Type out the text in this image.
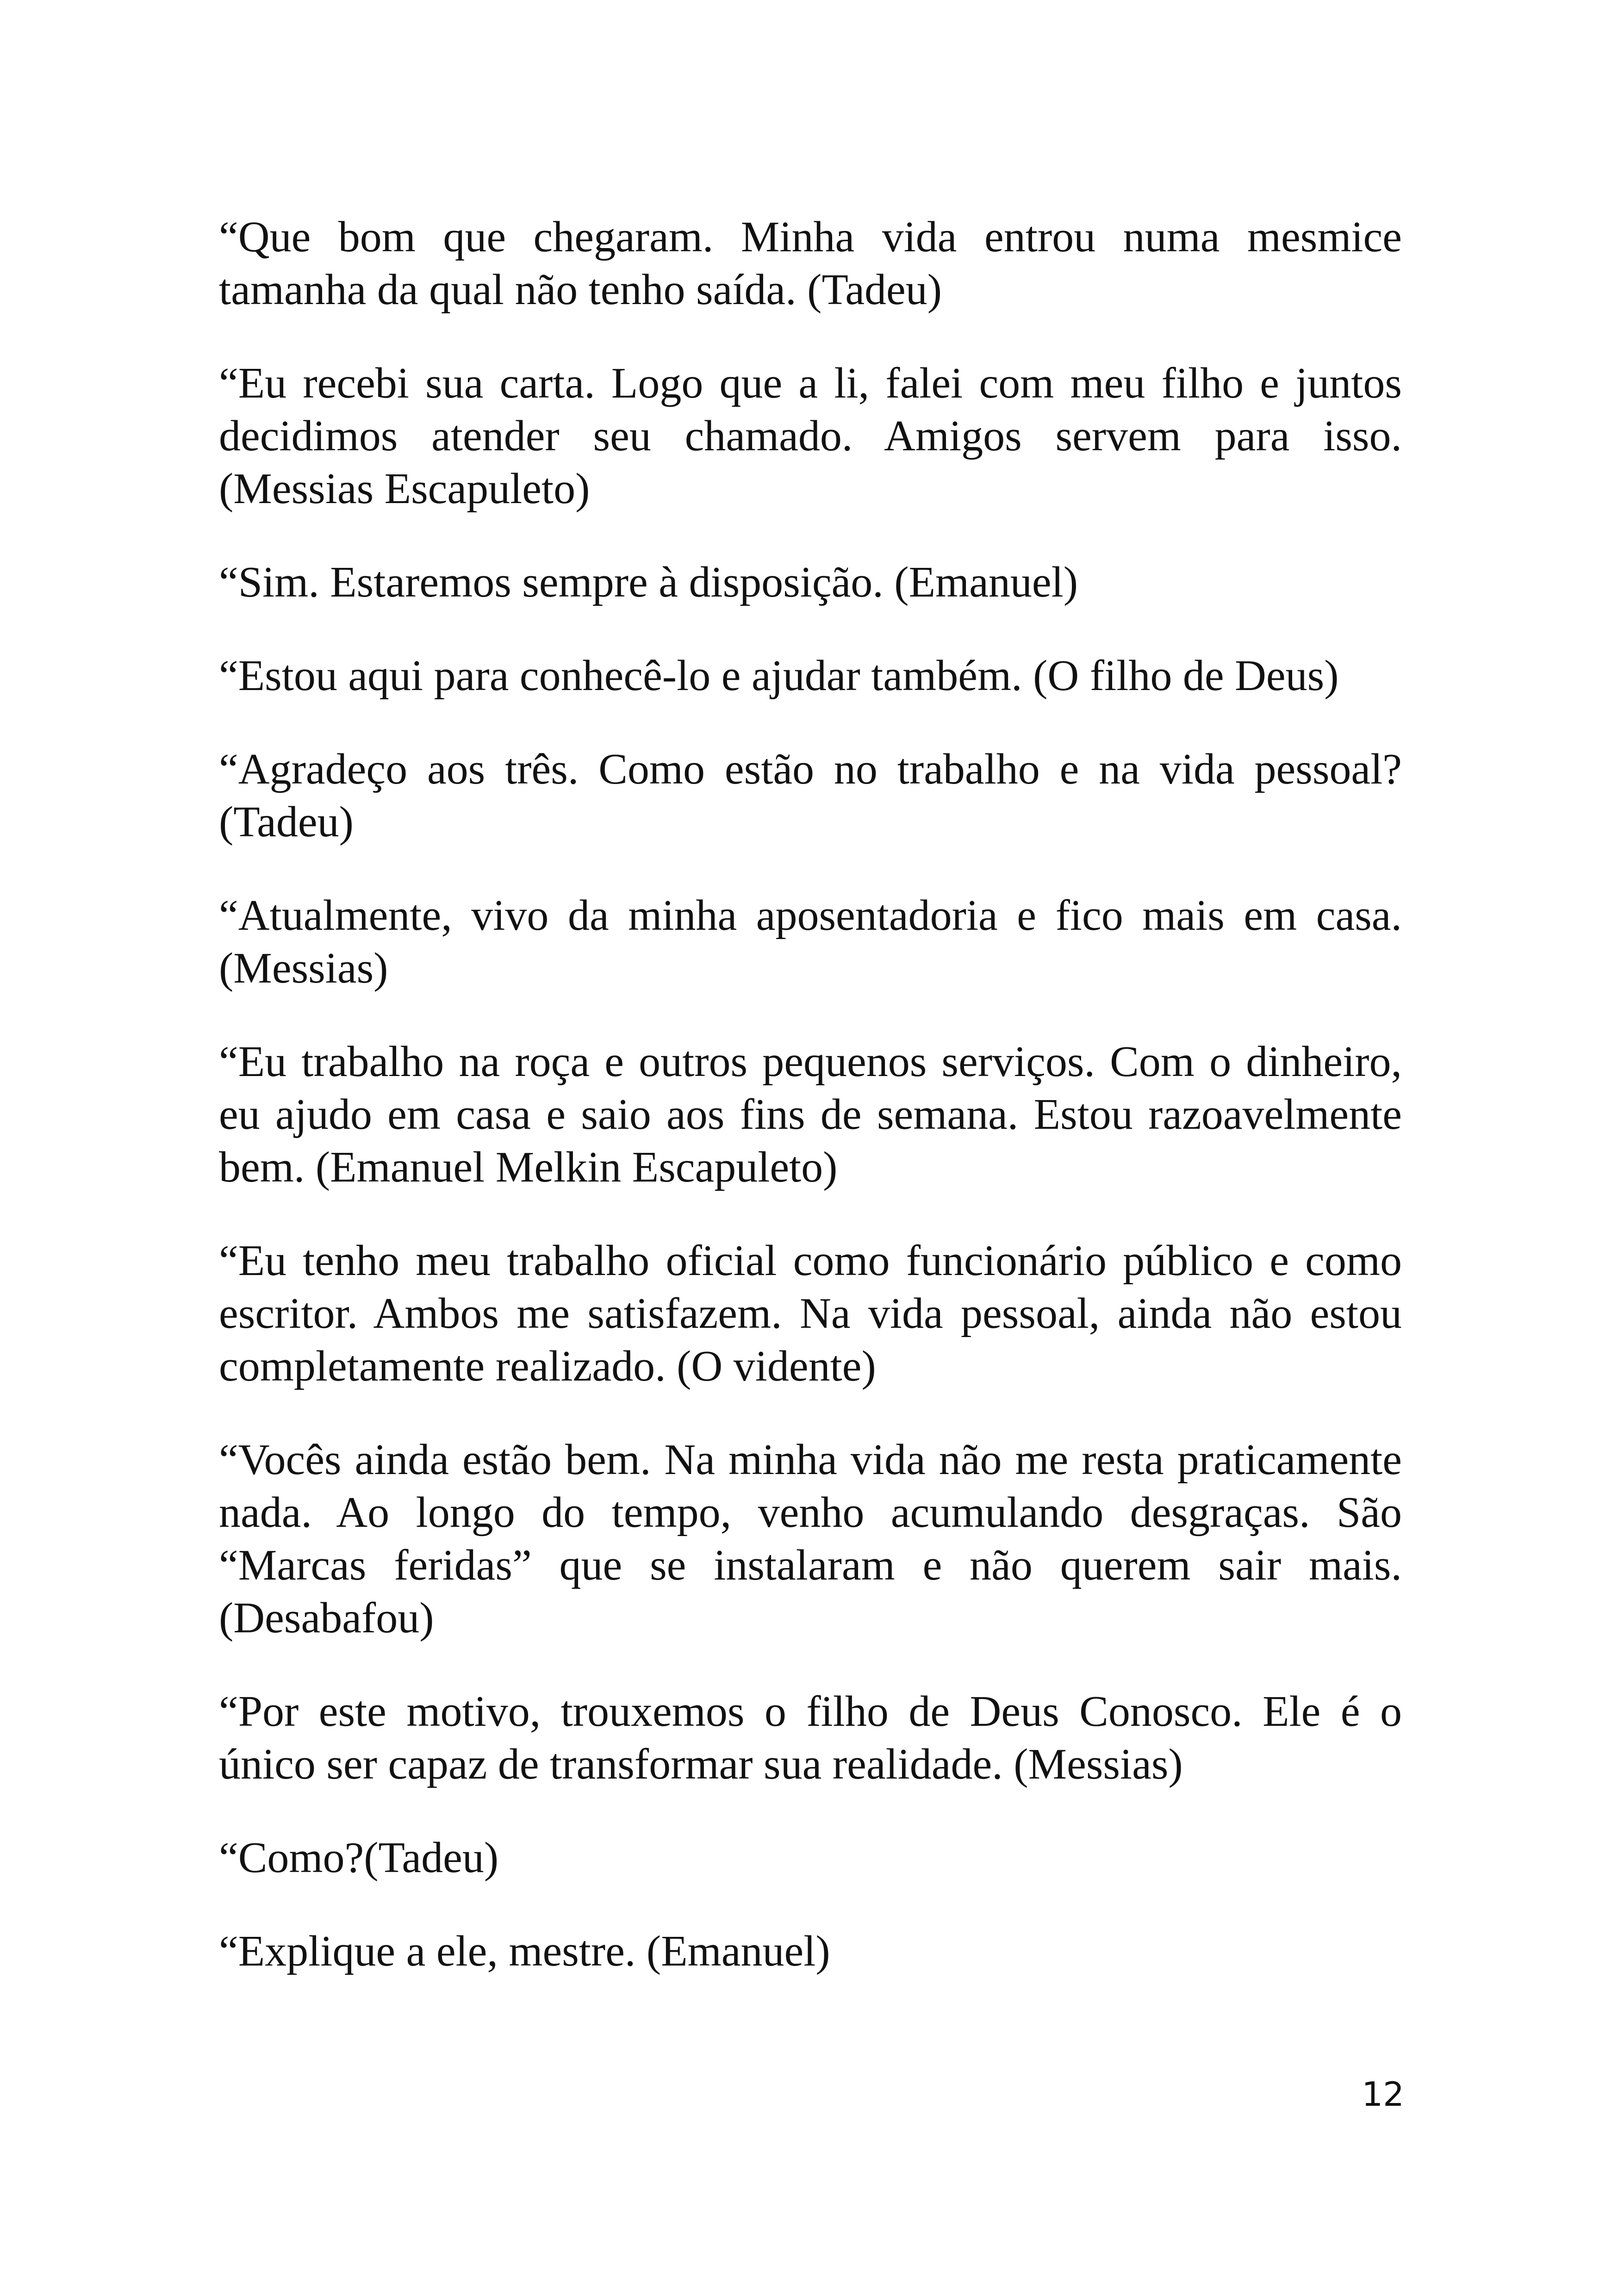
“Que bom que chegaram. Minha vida entrou numa mesmice tamanha da qual não tenho saída. (Tadeu)

“Eu recebi sua carta. Logo que a li, falei com meu filho e juntos decidimos atender seu chamado. Amigos servem para isso. (Messias Escapuleto)

“Sim. Estaremos sempre à disposição. (Emanuel)

“Estou aqui para conhecê-lo e ajudar também. (O filho de Deus)

“Agradeço aos três. Como estão no trabalho e na vida pessoal? (Tadeu)

“Atualmente, vivo da minha aposentadoria e fico mais em casa. (Messias)

“Eu trabalho na roça e outros pequenos serviços. Com o dinheiro, eu ajudo em casa e saio aos fins de semana. Estou razoavelmente bem. (Emanuel Melkin Escapuleto)

“Eu tenho meu trabalho oficial como funcionário público e como escritor. Ambos me satisfazem. Na vida pessoal, ainda não estou completamente realizado. (O vidente)

“Vocês ainda estão bem. Na minha vida não me resta praticamente nada. Ao longo do tempo, venho acumulando desgraças. São “Marcas feridas” que se instalaram e não querem sair mais. (Desabafou)

“Por este motivo, trouxemos o filho de Deus Conosco. Ele é o único ser capaz de transformar sua realidade. (Messias)

“Como?(Tadeu)

“Explique a ele, mestre. (Emanuel)

12
